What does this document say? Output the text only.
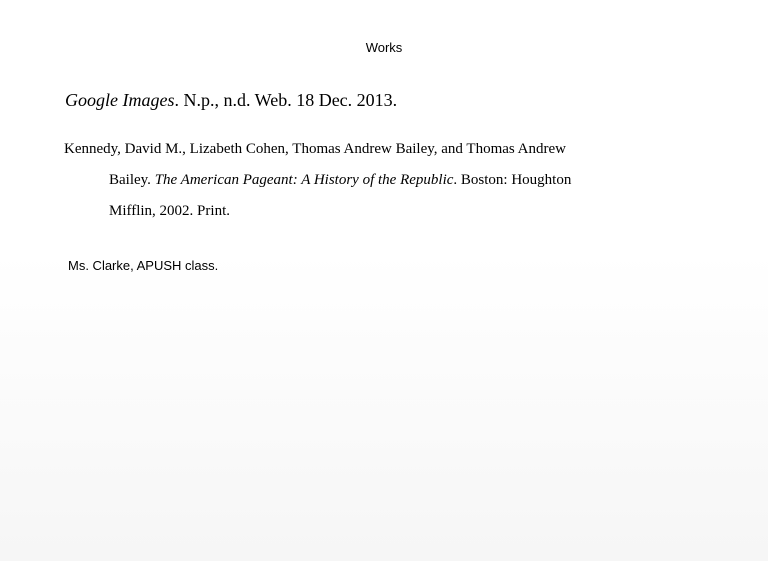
Works
Google Images. N.p., n.d. Web. 18 Dec. 2013.
Kennedy, David M., Lizabeth Cohen, Thomas Andrew Bailey, and Thomas Andrew
Bailey. The American Pageant: A History of the Republic. Boston: Houghton
Mifflin, 2002. Print.
Ms. Clarke, APUSH class.
